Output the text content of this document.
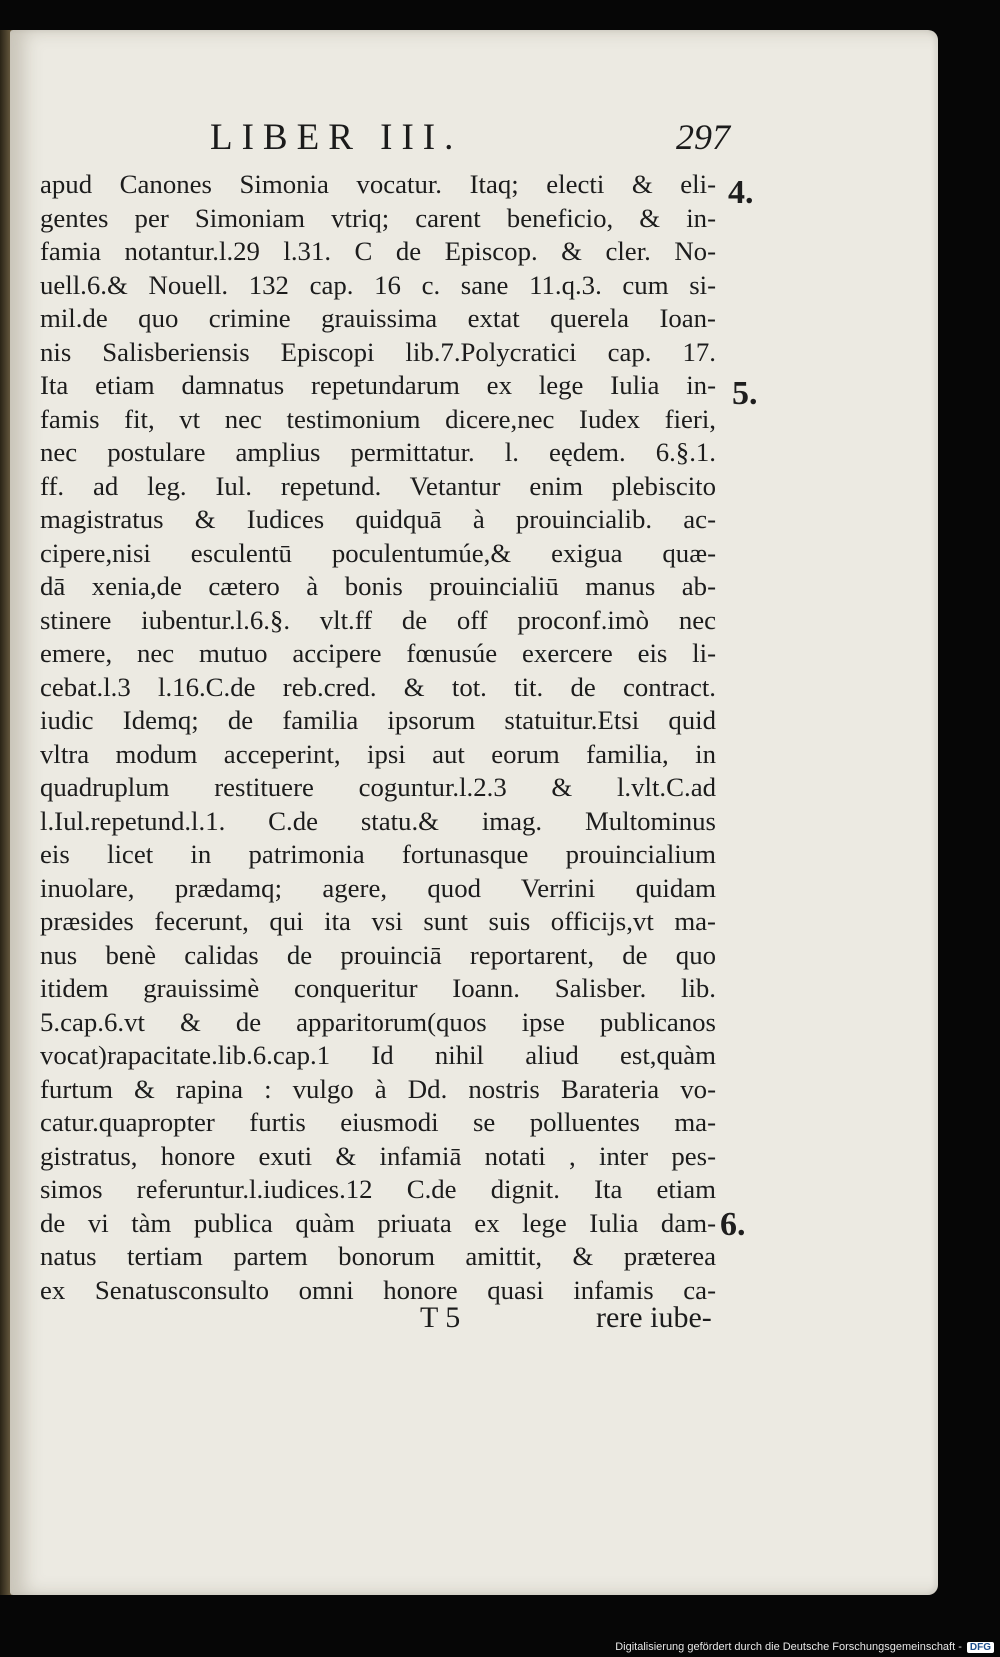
LIBER III.	297
apud Canones Simonia vocatur. Itaq; electi & eli-
gentes per Simoniam vtriq; carent beneficio, & in-
famia notantur.l.29 l.31. C de Episcop. & cler. No-
uell.6.& Nouell. 132 cap. 16 c. sane 11.q.3. cum si-
mil.de quo crimine grauissima extat querela Ioan-
nis Salisberiensis Episcopi lib.7.Polycratici cap. 17.
Ita etiam damnatus repetundarum ex lege Iulia in-
famis fit, vt nec testimonium dicere,nec Iudex fieri,
nec postulare amplius permittatur. l. eędem. 6.§.1.
ff. ad leg. Iul. repetund. Vetantur enim plebiscito
magistratus & Iudices quidquā à prouincialib. ac-
cipere,nisi esculentū poculentumúe,& exigua quæ-
dā xenia,de cætero à bonis prouincialiū manus ab-
stinere iubentur.l.6.§. vlt.ff de off proconf.imò nec
emere, nec mutuo accipere fœnusúe exercere eis li-
cebat.l.3 l.16.C.de reb.cred. & tot. tit. de contract.
iudic Idemq; de familia ipsorum statuitur.Etsi quid
vltra modum acceperint, ipsi aut eorum familia, in
quadruplum restituere coguntur.l.2.3 & l.vlt.C.ad
l.Iul.repetund.l.1. C.de statu.& imag. Multominus
eis licet in patrimonia fortunasque prouincialium
inuolare, prædamq; agere, quod Verrini quidam
præsides fecerunt, qui ita vsi sunt suis officijs,vt ma-
nus benè calidas de prouinciā reportarent, de quo
itidem grauissimè conqueritur Ioann. Salisber. lib.
5.cap.6.vt & de apparitorum(quos ipse publicanos
vocat)rapacitate.lib.6.cap.1 Id nihil aliud est,quàm
furtum & rapina : vulgo à Dd. nostris Barateria vo-
catur.quapropter furtis eiusmodi se polluentes ma-
gistratus, honore exuti & infamiā notati , inter pes-
simos referuntur.l.iudices.12 C.de dignit. Ita etiam
de vi tàm publica quàm priuata ex lege Iulia dam-
natus tertiam partem bonorum amittit, & præterea
ex Senatusconsulto omni honore quasi infamis ca-
4.
5.
6.
T 5	rere iube-
Digitalisierung gefördert durch die Deutsche Forschungsgemeinschaft - DFG
